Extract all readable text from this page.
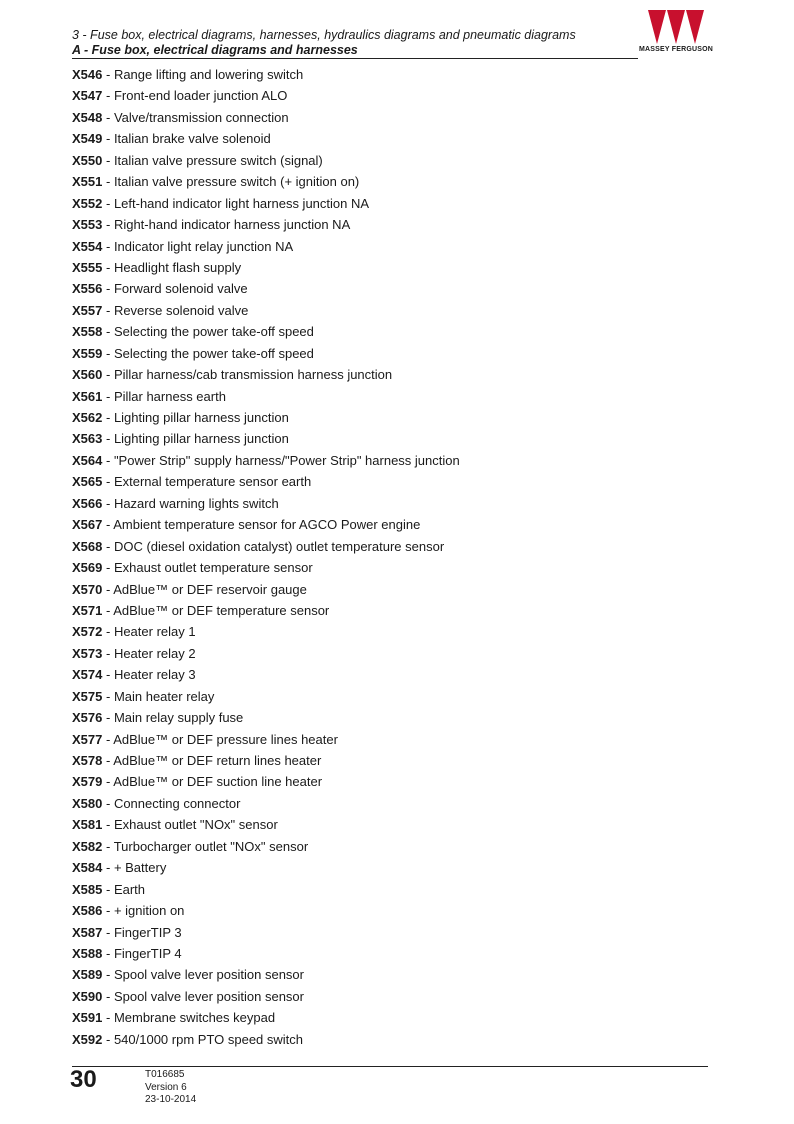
3 - Fuse box, electrical diagrams, harnesses, hydraulics diagrams and pneumatic diagrams
A - Fuse box, electrical diagrams and harnesses	MASSEY FERGUSON
X546 - Range lifting and lowering switch
X547 - Front-end loader junction ALO
X548 - Valve/transmission connection
X549 - Italian brake valve solenoid
X550 - Italian valve pressure switch (signal)
X551 - Italian valve pressure switch (+ ignition on)
X552 - Left-hand indicator light harness junction NA
X553 - Right-hand indicator harness junction NA
X554 - Indicator light relay junction NA
X555 - Headlight flash supply
X556 - Forward solenoid valve
X557 - Reverse solenoid valve
X558 - Selecting the power take-off speed
X559 - Selecting the power take-off speed
X560 - Pillar harness/cab transmission harness junction
X561 - Pillar harness earth
X562 - Lighting pillar harness junction
X563 - Lighting pillar harness junction
X564 - "Power Strip" supply harness/"Power Strip" harness junction
X565 - External temperature sensor earth
X566 - Hazard warning lights switch
X567 - Ambient temperature sensor for AGCO Power engine
X568 - DOC (diesel oxidation catalyst) outlet temperature sensor
X569 - Exhaust outlet temperature sensor
X570 - AdBlue™ or DEF reservoir gauge
X571 - AdBlue™ or DEF temperature sensor
X572 - Heater relay 1
X573 - Heater relay 2
X574 - Heater relay 3
X575 - Main heater relay
X576 - Main relay supply fuse
X577 - AdBlue™ or DEF pressure lines heater
X578 - AdBlue™ or DEF return lines heater
X579 - AdBlue™ or DEF suction line heater
X580 - Connecting connector
X581 - Exhaust outlet "NOx" sensor
X582 - Turbocharger outlet "NOx" sensor
X584 - + Battery
X585 - Earth
X586 - + ignition on
X587 - FingerTIP 3
X588 - FingerTIP 4
X589 - Spool valve lever position sensor
X590 - Spool valve lever position sensor
X591 - Membrane switches keypad
X592 - 540/1000 rpm PTO speed switch
30	T016685
Version 6
23-10-2014
